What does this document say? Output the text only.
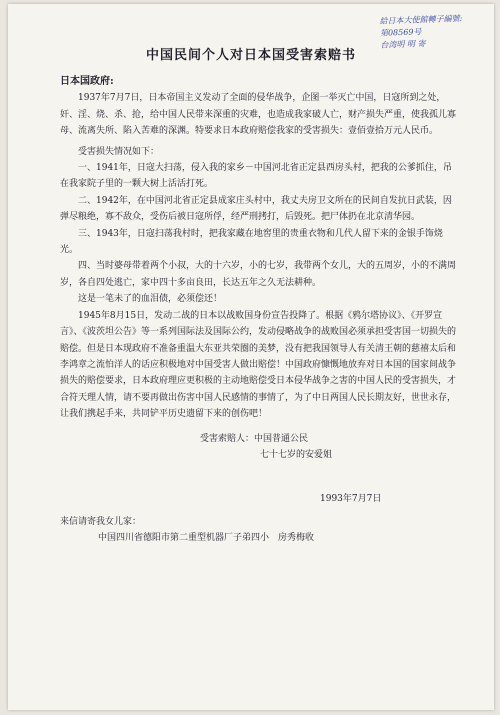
給日本大使館轉子編號:
第08569号
台湾明 明 寄
中国民间个人对日本国受害索赔书

日本国政府:

1937年7月7日，日本帝国主义发动了全面的侵华战争，企图一举灭亡中国，日寇所到之处，奸、淫、烧、杀、抢，给中国人民带来深重的灾难，也造成我家破人亡，财产损失严重，使我孤儿寡母、流离失所、陷入苦难的深渊。特要求日本政府赔偿我家的受害损失：壹佰壹拾万元人民币。

受害损失情况如下：

一、1941年，日寇大扫荡，侵入我的家乡－中国河北省正定县西房头村，把我的公爹抓住，吊在我家院子里的一颗大树上活活打死。

二、1942年，在中国河北省正定县成家庄头村中，我丈夫房卫文所在的民间自发抗日武装，因弹尽粮绝，寡不敌众，受伤后被日寇所俘，经严刑拷打，后毁死。把尸体扔在北京清华园。

三、1943年，日寇扫荡我村时，把我家藏在地窖里的贵重衣物和几代人留下来的金银手饰烧光。

四、当时婆母带着两个小叔，大的十六岁，小的七岁，我带两个女儿，大的五周岁，小的不满周岁，各自四处逃亡，家中四十多亩良田，长达五年之久无法耕种。

这是一笔未了的血泪债，必须偿还！

1945年8月15日，发动二战的日本以战败国身份宣告投降了。根据《鸦尔塔协议》、《开罗宣言》、《波茨坦公告》等一系列国际法及国际公约，发动侵略战争的战败国必须承担受害国一切损失的赔偿。但是日本现政府不准备重温大东亚共荣圈的美梦，没有把我国领导人有关清王朝的慈禧太后和李鸿章之流怕洋人的话应积极地对中国受害人做出赔偿！中国政府慷慨地放弃对日本国的国家间战争损失的赔偿要求，日本政府理应更积极的主动地赔偿受日本侵华战争之害的中国人民的受害损失，才合符天理人情，请不要再做出伤害中国人民感情的事情了，为了中日两国人民长期友好，世世永存，让我们携起手来，共同铲平历史遗留下来的创伤吧！

受害索赔人：中国普通公民

七十七岁的安爱姐

1993年7月7日

来信请寄我女儿家：

中国四川省德阳市第二重型机器厂子弟四小　房秀梅收
